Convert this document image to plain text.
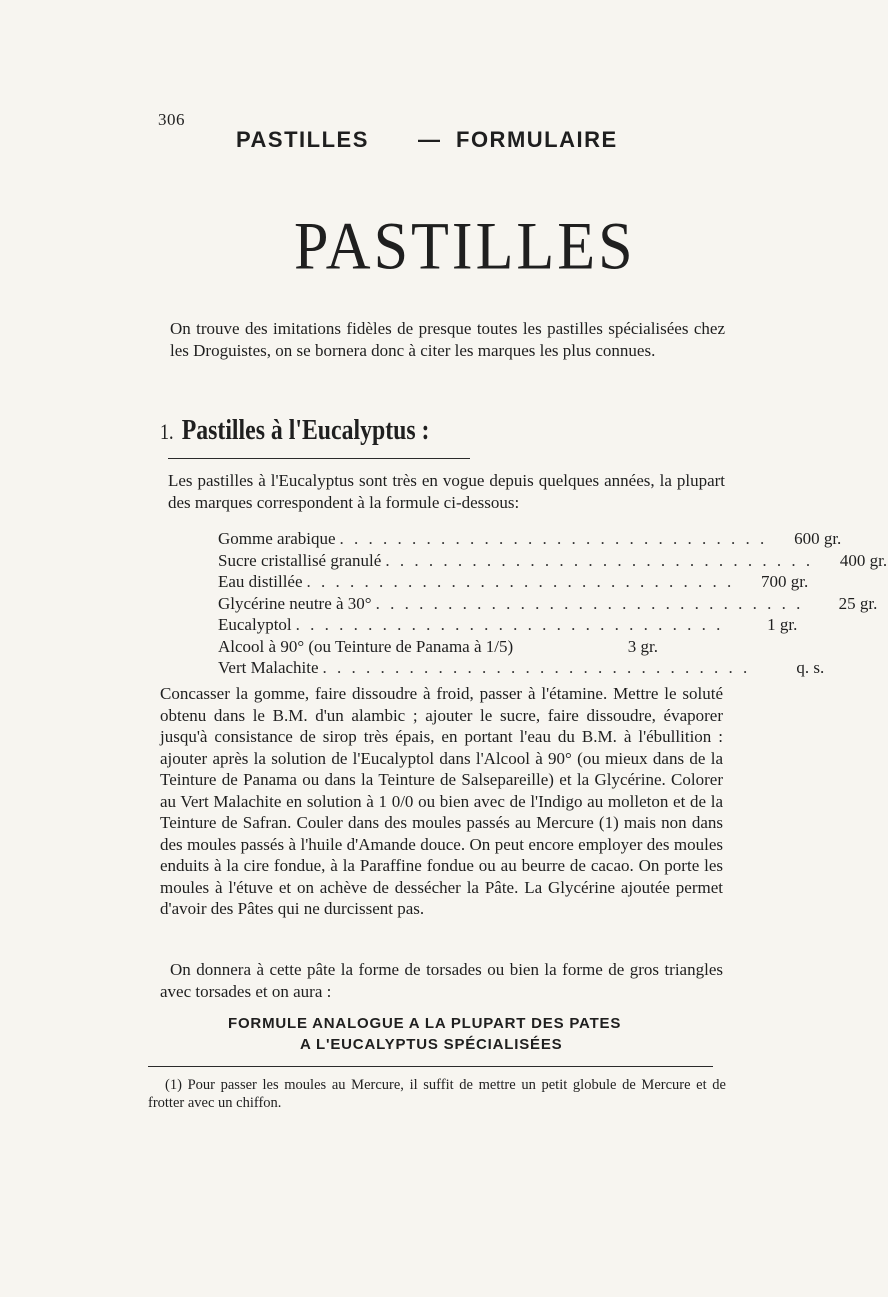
306
PASTILLES — FORMULAIRE
PASTILLES
On trouve des imitations fidèles de presque toutes les pastilles spécialisées chez les Droguistes, on se bornera donc à citer les marques les plus connues.
1. Pastilles à l'Eucalyptus :
Les pastilles à l'Eucalyptus sont très en vogue depuis quelques années, la plupart des marques correspondent à la formule ci-dessous:
Gomme arabique . . . . . . . . . . . . . . . . . . . . . . . . . . . . . .	600 gr.
Sucre cristallisé granulé . . . . . . . . . . . . . . . . . . . . . . . . . . . . . .	400 gr.
Eau distillée . . . . . . . . . . . . . . . . . . . . . . . . . . . . . .	700 gr.
Glycérine neutre à 30° . . . . . . . . . . . . . . . . . . . . . . . . . . . . . .	25 gr.
Eucalyptol . . . . . . . . . . . . . . . . . . . . . . . . . . . . . .	1 gr.
Alcool à 90° (ou Teinture de Panama à 1/5)	3 gr.
Vert Malachite . . . . . . . . . . . . . . . . . . . . . . . . . . . . . .	q. s.
Concasser la gomme, faire dissoudre à froid, passer à l'étamine. Mettre le soluté obtenu dans le B.M. d'un alambic ; ajouter le sucre, faire dissoudre, évaporer jusqu'à consistance de sirop très épais, en portant l'eau du B.M. à l'ébullition : ajouter après la solution de l'Eucalyptol dans l'Alcool à 90° (ou mieux dans de la Teinture de Panama ou dans la Teinture de Salsepareille) et la Glycérine. Colorer au Vert Malachite en solution à 1 0/0 ou bien avec de l'Indigo au molleton et de la Teinture de Safran. Couler dans des moules passés au Mercure (1) mais non dans des moules passés à l'huile d'Amande douce. On peut encore employer des moules enduits à la cire fondue, à la Paraffine fondue ou au beurre de cacao. On porte les moules à l'étuve et on achève de dessécher la Pâte. La Glycérine ajoutée permet d'avoir des Pâtes qui ne durcissent pas.
On donnera à cette pâte la forme de torsades ou bien la forme de gros triangles avec torsades et on aura :
FORMULE ANALOGUE A LA PLUPART DES PATES
A L'EUCALYPTUS SPÉCIALISÉES
(1) Pour passer les moules au Mercure, il suffit de mettre un petit globule de Mercure et de frotter avec un chiffon.
